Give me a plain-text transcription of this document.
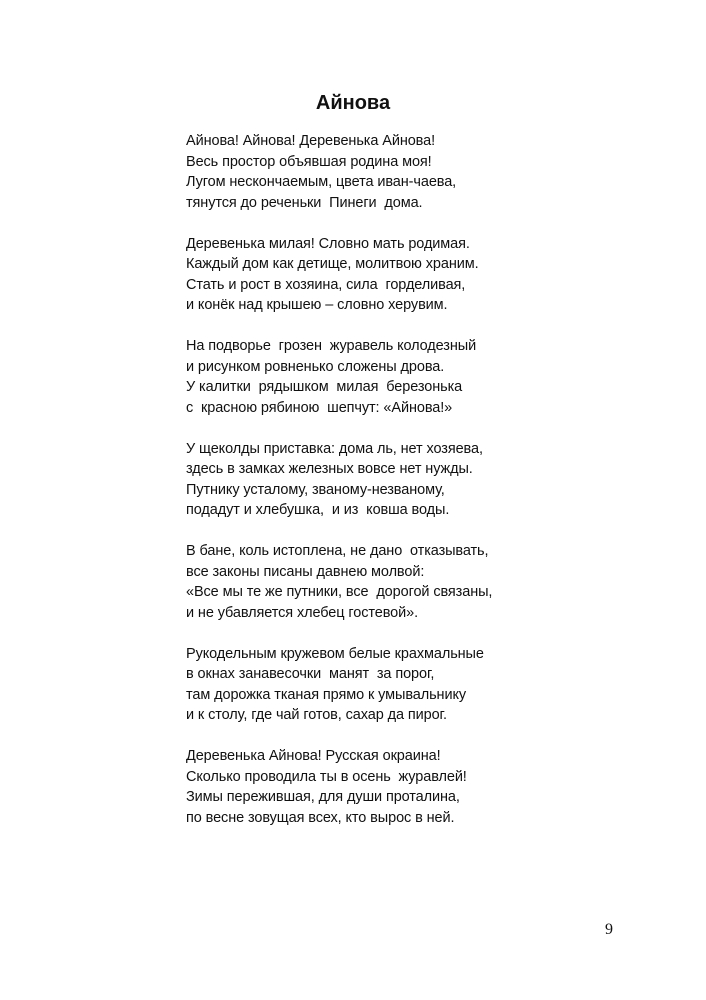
Айнова
Айнова! Айнова! Деревенька Айнова!
Весь простор объявшая родина моя!
Лугом нескончаемым, цвета иван-чаева,
тянутся до реченьки  Пинеги  дома.
Деревенька милая! Словно мать родимая.
Каждый дом как детище, молитвою храним.
Стать и рост в хозяина, сила  горделивая,
и конёк над крышею – словно херувим.
На подворье  грозен  журавель колодезный
и рисунком ровненько сложены дрова.
У калитки  рядышком  милая  березонька
с  красною рябиною  шепчут: «Айнова!»
У щеколды приставка: дома ль, нет хозяева,
здесь в замках железных вовсе нет нужды.
Путнику усталому, званому-незваному,
подадут и хлебушка,  и из  ковша воды.
В бане, коль истоплена, не дано  отказывать,
все законы писаны давнею молвой:
«Все мы те же путники, все  дорогой связаны,
и не убавляется хлебец гостевой».
Рукодельным кружевом белые крахмальные
в окнах занавесочки  манят  за порог,
там дорожка тканая прямо к умывальнику
и к столу, где чай готов, сахар да пирог.
Деревенька Айнова! Русская окраина!
Сколько проводила ты в осень  журавлей!
Зимы пережившая, для души проталина,
по весне зовущая всех, кто вырос в ней.
9
